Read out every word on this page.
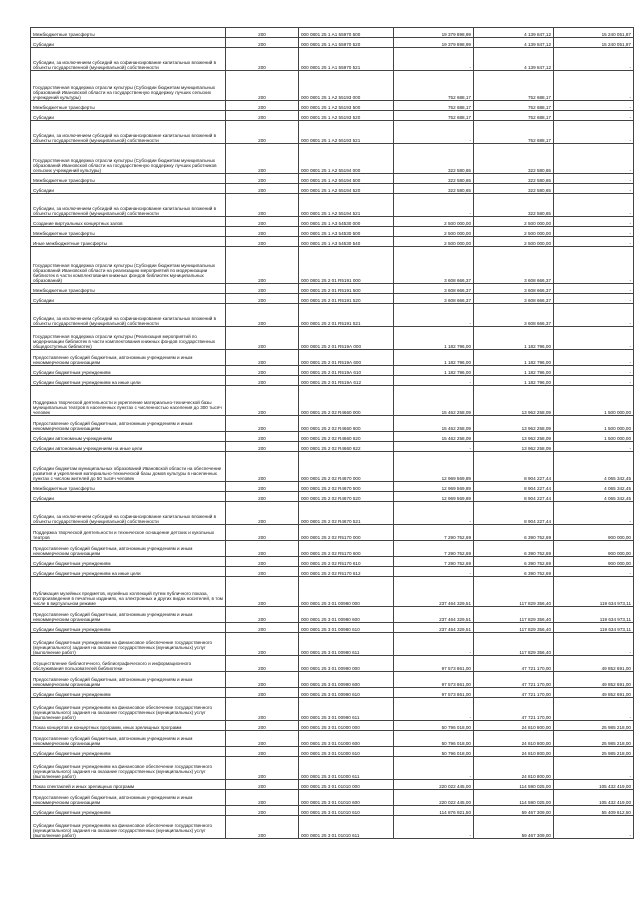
Межбюджетные трансферты	200	000 0801 25 1 А1 55970 500	19 379 898,99	4 139 847,12	15 240 051,87
Субсидии	200	000 0801 25 1 А1 55970 520	19 379 898,99	4 139 847,12	15 240 051,87
Субсидии, за исключением субсидий на софинансирование капитальных вложений в объекты государственной (муниципальной) собственности	200	000 0801 25 1 А1 55970 521	-	4 139 847,12	-
Государственная поддержка отрасли культуры (Субсидии бюджетам муниципальных образований Ивановской области на государственную поддержку лучших сельских учреждений культуры)	200	000 0801 25 1 А2 55193 000	752 688,17	752 688,17	-
Межбюджетные трансферты	200	000 0801 25 1 А2 55193 500	752 688,17	752 688,17	-
Субсидии	200	000 0801 25 1 А2 55193 520	752 688,17	752 688,17	-
Субсидии, за исключением субсидий на софинансирование капитальных вложений в объекты государственной (муниципальной) собственности	200	000 0801 25 1 А2 55193 521	-	752 688,17	-
Государственная поддержка отрасли культуры (Субсидии бюджетам муниципальных образований Ивановской области на государственную поддержку лучших работников сельских учреждений культуры)	200	000 0801 25 1 А2 55194 000	322 580,65	322 580,65	-
Межбюджетные трансферты	200	000 0801 25 1 А2 55194 500	322 580,65	322 580,65	-
Субсидии	200	000 0801 25 1 А2 55194 520	322 580,65	322 580,65	-
Субсидии, за исключением субсидий на софинансирование капитальных вложений в объекты государственной (муниципальной) собственности	200	000 0801 25 1 А2 55194 521	-	322 580,65	-
Создание виртуальных концертных залов	200	000 0801 25 1 А3 54530 000	2 500 000,00	2 500 000,00	-
Межбюджетные трансферты	200	000 0801 25 1 А3 54530 500	2 500 000,00	2 500 000,00	-
Иные межбюджетные трансферты	200	000 0801 25 1 А3 54530 540	2 500 000,00	2 500 000,00	-
Государственная поддержка отрасли культуры (Субсидии бюджетам муниципальных образований Ивановской области на реализацию мероприятий по модернизации библиотек в части комплектования книжных фондов библиотек муниципальных образований)	200	000 0801 25 2 01 R5191 000	3 608 666,37	3 608 666,37	-
Межбюджетные трансферты	200	000 0801 25 2 01 R5191 500	3 608 666,37	3 608 666,37	-
Субсидии	200	000 0801 25 2 01 R5191 520	3 608 666,37	3 608 666,37	-
Субсидии, за исключением субсидий на софинансирование капитальных вложений в объекты государственной (муниципальной) собственности	200	000 0801 25 2 01 R5191 521	-	3 608 666,37	-
Государственная поддержка отрасли культуры (Реализация мероприятий по модернизации библиотек в части комплектования книжных фондов государственных общедоступных библиотек)	200	000 0801 25 2 01 R519А 000	1 182 796,00	1 182 796,00	-
Предоставление субсидий бюджетным, автономным учреждениям и иным некоммерческим организациям	200	000 0801 25 2 01 R519А 600	1 182 796,00	1 182 796,00	-
Субсидии бюджетным учреждениям	200	000 0801 25 2 01 R519А 610	1 182 796,00	1 182 796,00	-
Субсидии бюджетным учреждениям на иные цели	200	000 0801 25 2 01 R519А 612	-	1 182 796,00	-
Поддержка творческой деятельности и укрепление материально-технической базы муниципальных театров в населенных пунктах с численностью населения до 300 тысяч человек	200	000 0801 25 2 02 R4660 000	15 462 258,09	13 962 258,09	1 500 000,00
Предоставление субсидий бюджетным, автономным учреждениям и иным некоммерческим организациям	200	000 0801 25 2 02 R4660 600	15 462 258,09	13 962 258,09	1 500 000,00
Субсидии автономным учреждениям	200	000 0801 25 2 02 R4660 620	15 462 258,09	13 962 258,09	1 500 000,00
Субсидии автономным учреждениям на иные цели	200	000 0801 25 2 02 R4660 622	-	13 962 258,09	-
Субсидии бюджетам муниципальных образований Ивановской области на обеспечение развития и укрепления материально-технической базы домов культуры в населенных пунктах с числом жителей до 50 тысяч человек	200	000 0801 25 2 02 R4670 000	12 969 569,89	8 904 227,44	4 065 342,45
Межбюджетные трансферты	200	000 0801 25 2 02 R4670 500	12 969 569,89	8 904 227,44	4 065 342,45
Субсидии	200	000 0801 25 2 02 R4670 520	12 969 569,89	8 904 227,44	4 065 342,45
Субсидии, за исключением субсидий на софинансирование капитальных вложений в объекты государственной (муниципальной) собственности	200	000 0801 25 2 02 R4670 521	-	8 904 227,44	-
Поддержка творческой деятельности и техническое оснащение детских и кукольных театров	200	000 0801 25 2 02 R5170 000	7 290 752,69	6 390 752,69	900 000,00
Предоставление субсидий бюджетным, автономным учреждениям и иным некоммерческим организациям	200	000 0801 25 2 02 R5170 600	7 290 752,69	6 390 752,69	900 000,00
Субсидии бюджетным учреждениям	200	000 0801 25 2 02 R5170 610	7 290 752,69	6 390 752,69	900 000,00
Субсидии бюджетным учреждениям на иные цели	200	000 0801 25 2 02 R5170 612	-	6 390 752,69	-
Публикация музейных предметов, музейных коллекций путем публичного показа, воспроизведения в печатных изданиях, на электронных и других видах носителей, в том числе в виртуальном режиме	200	000 0801 25 3 01 00980 000	237 464 329,51	117 829 356,40	119 634 973,11
Предоставление субсидий бюджетным, автономным учреждениям и иным некоммерческим организациям	200	000 0801 25 3 01 00980 600	237 464 329,51	117 829 356,40	119 634 973,11
Субсидии бюджетным учреждениям	200	000 0801 25 3 01 00980 610	237 464 329,51	117 829 356,40	119 634 973,11
Субсидии бюджетным учреждениям на финансовое обеспечение государственного (муниципального) задания на оказание государственных (муниципальных) услуг (выполнение работ)	200	000 0801 25 3 01 00980 611	-	117 829 356,40	-
Осуществление библиотечного, библиографического и информационного обслуживания пользователей библиотеки	200	000 0801 25 3 01 00990 000	97 573 861,00	47 721 170,00	49 852 691,00
Предоставление субсидий бюджетным, автономным учреждениям и иным некоммерческим организациям	200	000 0801 25 3 01 00990 600	97 573 861,00	47 721 170,00	49 852 691,00
Субсидии бюджетным учреждениям	200	000 0801 25 3 01 00990 610	97 573 861,00	47 721 170,00	49 852 691,00
Субсидии бюджетным учреждениям на финансовое обеспечение государственного (муниципального) задания на оказание государственных (муниципальных) услуг (выполнение работ)	200	000 0801 25 3 01 00990 611	-	47 721 170,00	-
Показ концертов и концертных программ, иных зрелищных программ	200	000 0801 25 3 01 01000 000	50 796 018,00	24 810 800,00	25 985 218,00
Предоставление субсидий бюджетным, автономным учреждениям и иным некоммерческим организациям	200	000 0801 25 3 01 01000 600	50 796 018,00	24 810 800,00	25 985 218,00
Субсидии бюджетным учреждениям	200	000 0801 25 3 01 01000 610	50 796 018,00	24 810 800,00	25 985 218,00
Субсидии бюджетным учреждениям на финансовое обеспечение государственного (муниципального) задания на оказание государственных (муниципальных) услуг (выполнение работ)	200	000 0801 25 3 01 01000 611	-	24 810 800,00	-
Показ спектаклей и иных зрелищных программ	200	000 0801 25 3 01 01010 000	220 022 445,00	114 590 025,00	105 432 419,00
Предоставление субсидий бюджетным, автономным учреждениям и иным некоммерческим организациям	200	000 0801 25 3 01 01010 600	220 022 445,00	114 590 025,00	105 432 419,00
Субсидии бюджетным учреждениям	200	000 0801 25 3 01 01010 610	114 876 921,50	59 467 309,00	55 409 612,50
Субсидии бюджетным учреждениям на финансовое обеспечение государственного (муниципального) задания на оказание государственных (муниципальных) услуг (выполнение работ)	200	000 0801 25 3 01 01010 611	-	59 467 309,00	-
